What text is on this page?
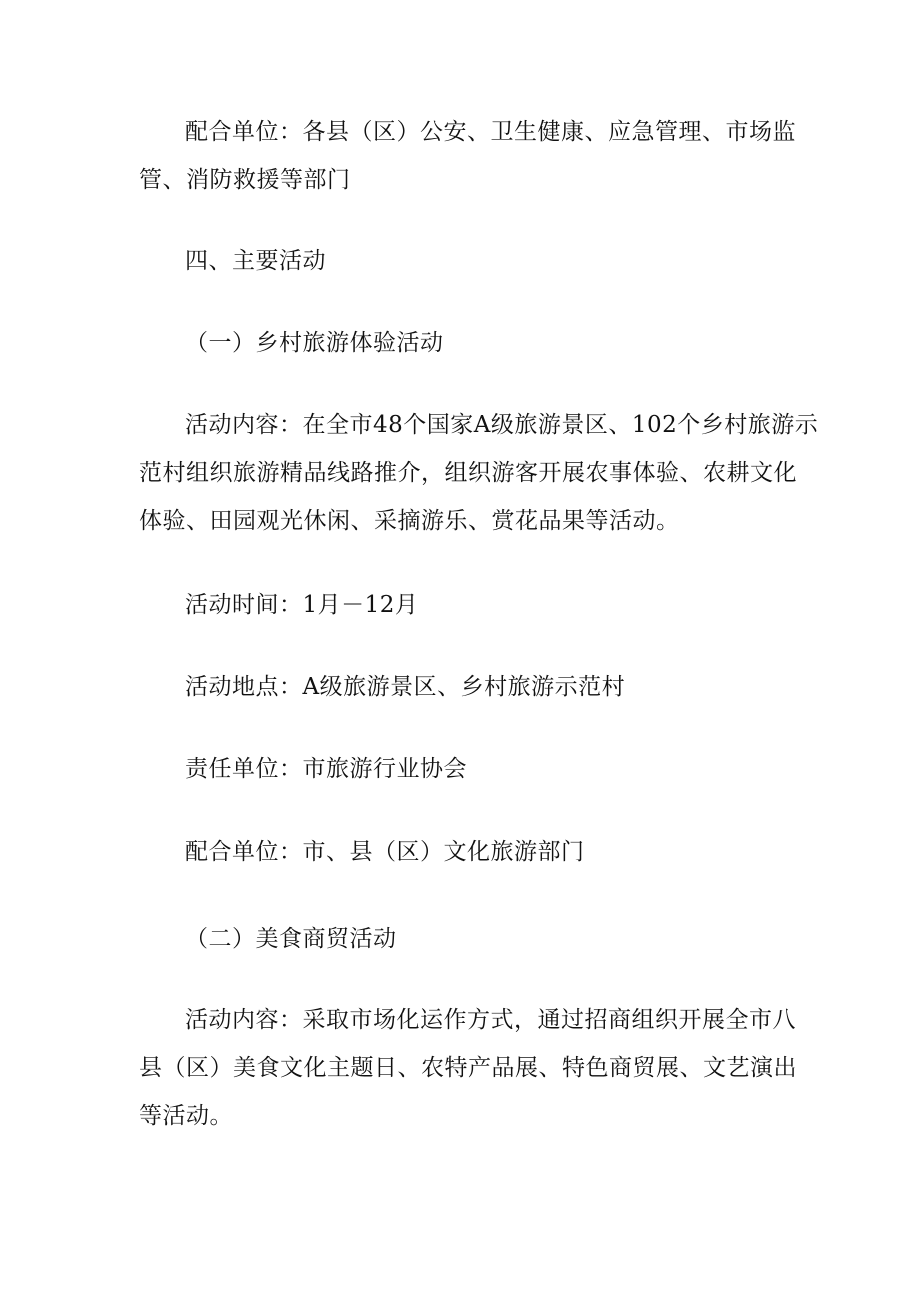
配合单位：各县（区）公安、卫生健康、应急管理、市场监
管、消防救援等部门
四、主要活动
（一）乡村旅游体验活动
活动内容：在全市48个国家A级旅游景区、102个乡村旅游示
范村组织旅游精品线路推介，组织游客开展农事体验、农耕文化
体验、田园观光休闲、采摘游乐、赏花品果等活动。
活动时间：1月－12月
活动地点：A级旅游景区、乡村旅游示范村
责任单位：市旅游行业协会
配合单位：市、县（区）文化旅游部门
（二）美食商贸活动
活动内容：采取市场化运作方式，通过招商组织开展全市八
县（区）美食文化主题日、农特产品展、特色商贸展、文艺演出
等活动。
